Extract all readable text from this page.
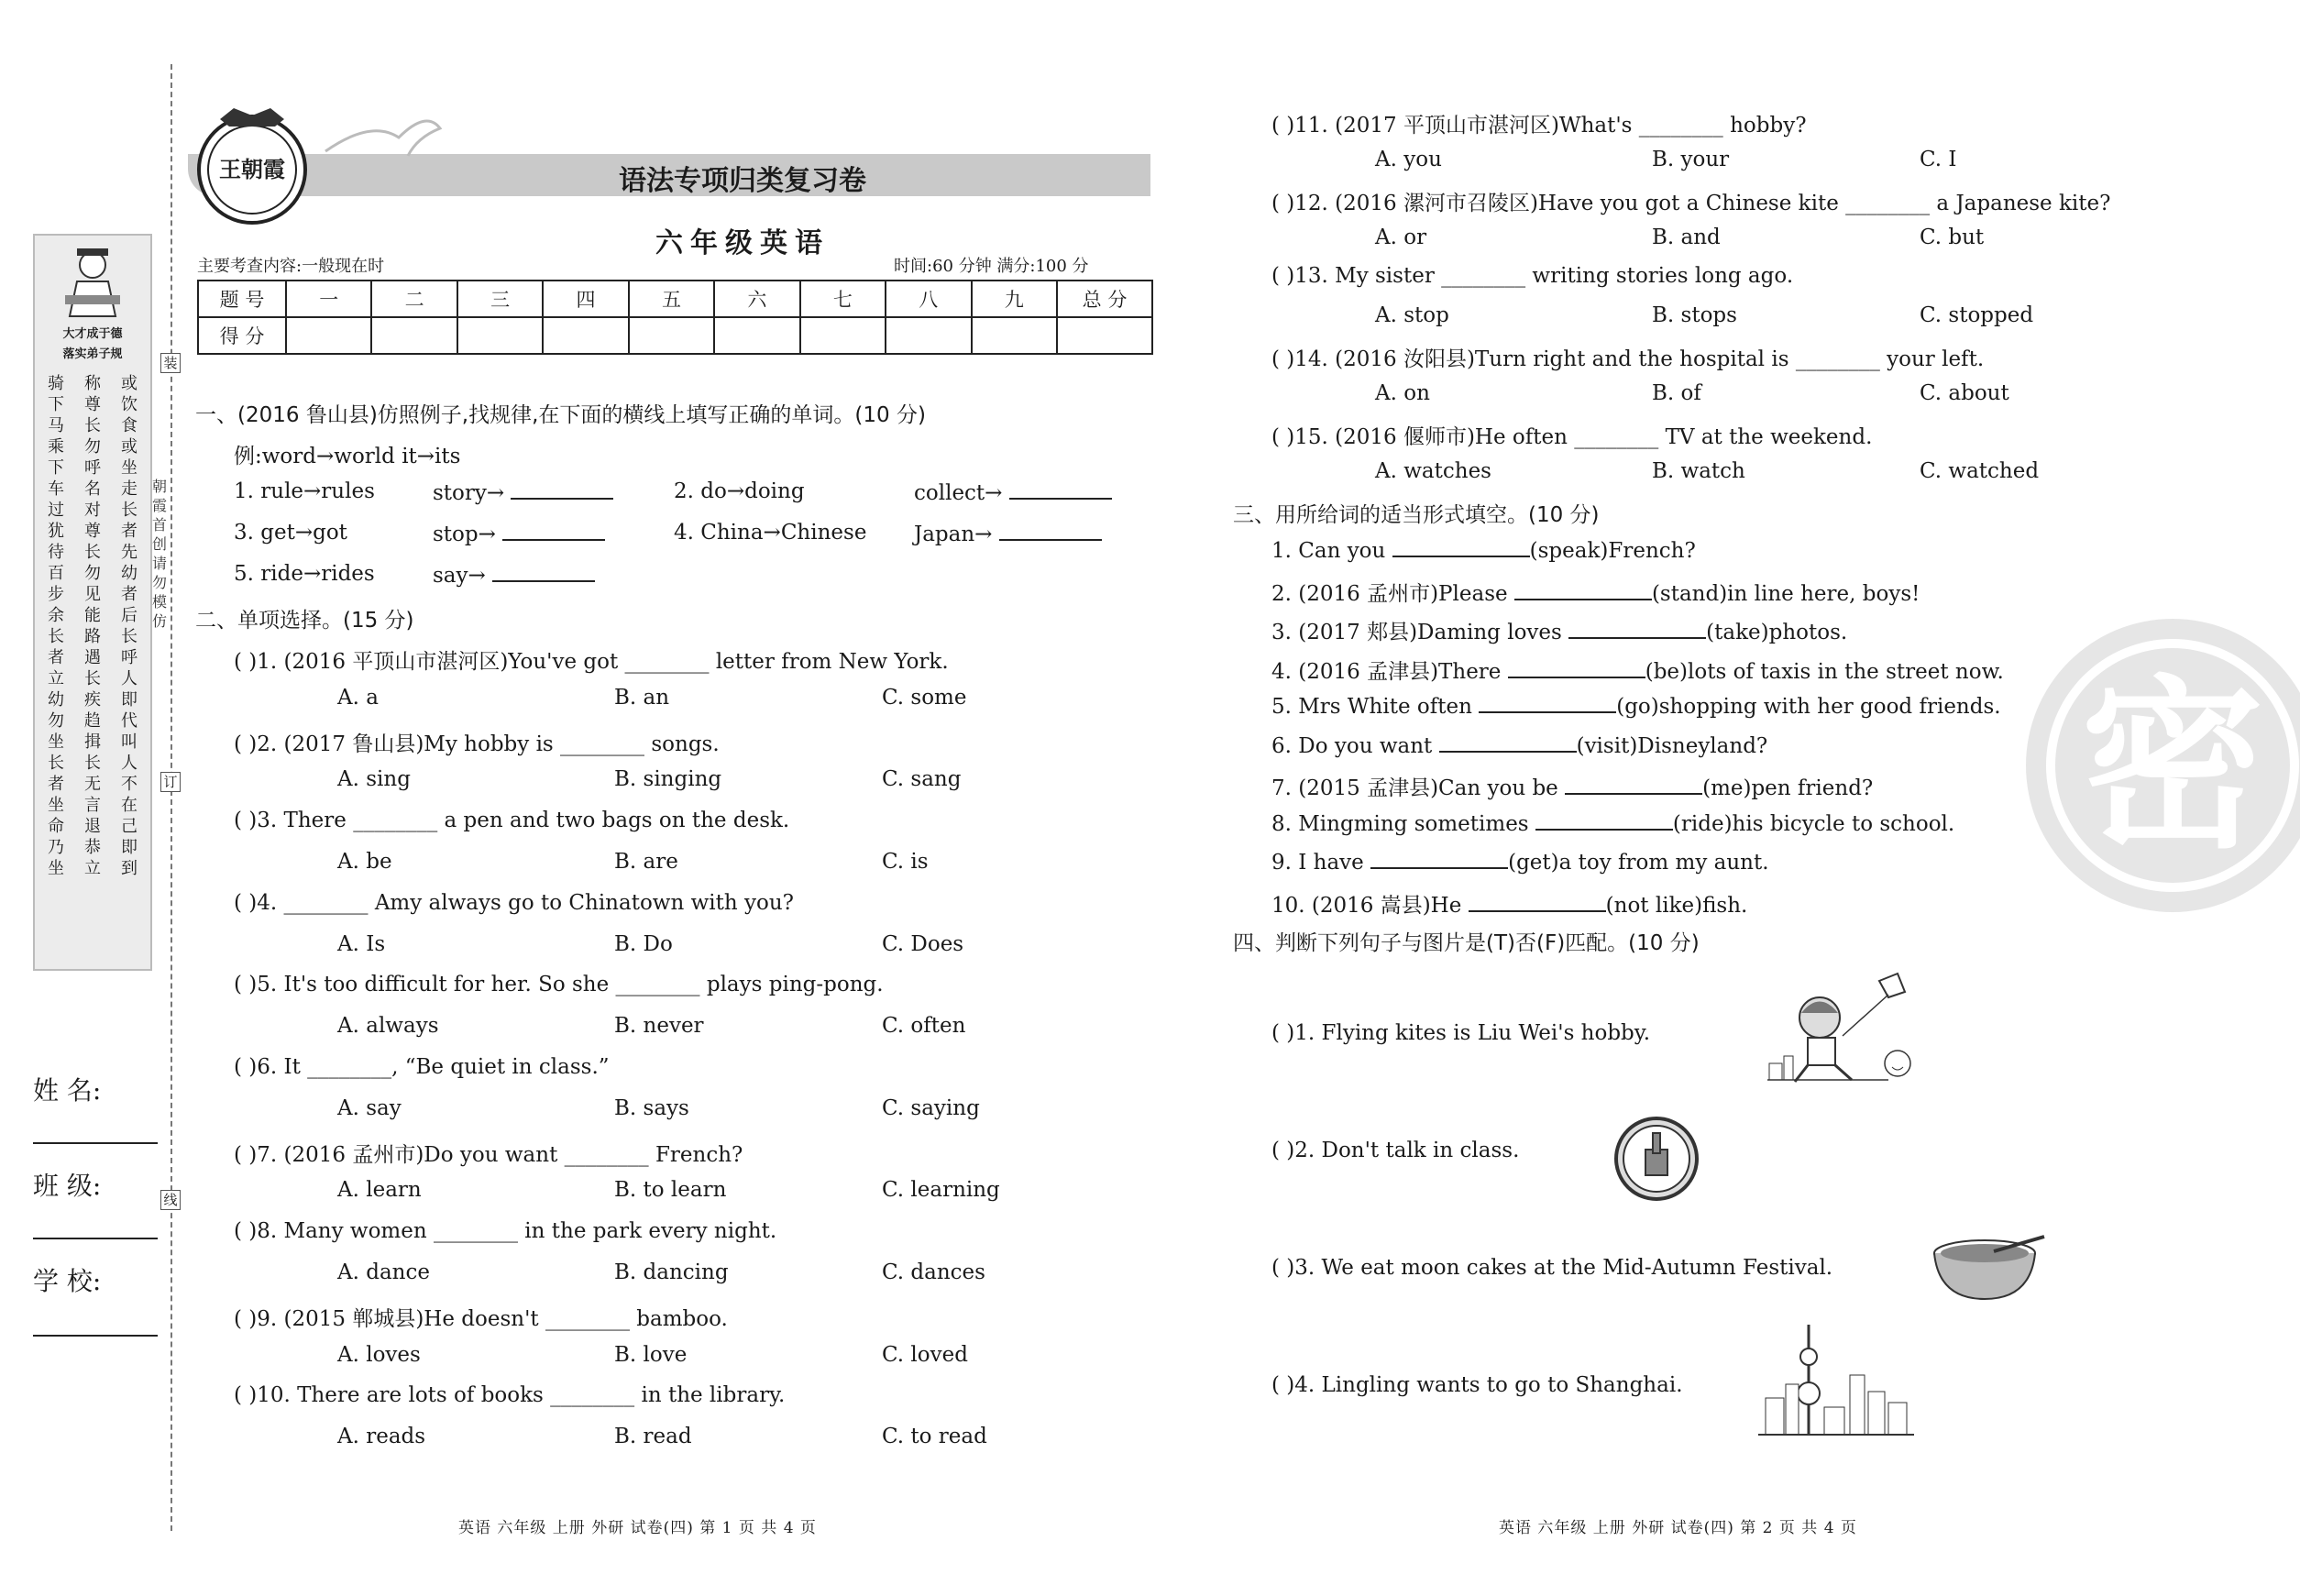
大才成于德
落实弟子规
骑下马 乘下车 过犹待 百步余 长者立 幼勿坐 长者坐 命乃坐
称尊长 勿呼名 对尊长 勿见能 路遇长 疾趋揖 长无言 退恭立
或饮食 或坐走 长者先 幼者后 长呼人 即代叫 人不在 己即到
装
订
线
朝霞首创 请勿模仿
姓 名:
班 级:
学 校:
王朝霞	语法专项归类复习卷
六年级英语
主要考查内容:一般现在时	时间:60 分钟 满分:100 分
题 号	一	二	三	四	五	六	七	八	九	总 分
得 分										
一、(2016 鲁山县)仿照例子,找规律,在下面的横线上填写正确的单词。(10 分)
例:word→world it→its
1. rule→rules	story→	2. do→doing	collect→
3. get→got	stop→	4. China→Chinese Japan→
5. ride→rides	say→
二、单项选择。(15 分)
三、用所给词的适当形式填空。(10 分)
四、判断下列句子与图片是(T)否(F)匹配。(10 分)
( )1. Flying kites is Liu Wei's hobby.
( )2. Don't talk in class.
( )3. We eat moon cakes at the Mid-Autumn Festival.
( )4. Lingling wants to go to Shanghai.
密
英语 六年级 上册 外研 试卷(四) 第 1 页 共 4 页	英语 六年级 上册 外研 试卷(四) 第 2 页 共 4 页
( )1. (2016 平顶山市湛河区)You've got ________ letter from New York.
A. a	B. an	C. some
( )2. (2017 鲁山县)My hobby is ________ songs.
A. sing	B. singing	C. sang
( )3. There ________ a pen and two bags on the desk.
A. be	B. are	C. is
( )4. ________ Amy always go to Chinatown with you?
A. Is	B. Do	C. Does
( )5. It's too difficult for her. So she ________ plays ping-pong.
A. always	B. never	C. often
( )6. It ________, “Be quiet in class.”
A. say	B. says	C. saying
( )7. (2016 孟州市)Do you want ________ French?
A. learn	B. to learn	C. learning
( )8. Many women ________ in the park every night.
A. dance	B. dancing	C. dances
( )9. (2015 郸城县)He doesn't ________ bamboo.
A. loves	B. love	C. loved
( )10. There are lots of books ________ in the library.
A. reads	B. read	C. to read
( )11. (2017 平顶山市湛河区)What's ________ hobby?
A. you	B. your	C. I
( )12. (2016 漯河市召陵区)Have you got a Chinese kite ________ a Japanese kite?
A. or	B. and	C. but
( )13. My sister ________ writing stories long ago.
A. stop	B. stops	C. stopped
( )14. (2016 汝阳县)Turn right and the hospital is ________ your left.
A. on	B. of	C. about
( )15. (2016 偃师市)He often ________ TV at the weekend.
A. watches	B. watch	C. watched
1. Can you	(speak)French?
2. (2016 孟州市)Please	(stand)in line here, boys!
3. (2017 郏县)Daming loves	(take)photos.
4. (2016 孟津县)There	(be)lots of taxis in the street now.
5. Mrs White often	(go)shopping with her good friends.
6. Do you want	(visit)Disneyland?
7. (2015 孟津县)Can you be	(me)pen friend?
8. Mingming sometimes	(ride)his bicycle to school.
9. I have	(get)a toy from my aunt.
10. (2016 嵩县)He	(not like)fish.
